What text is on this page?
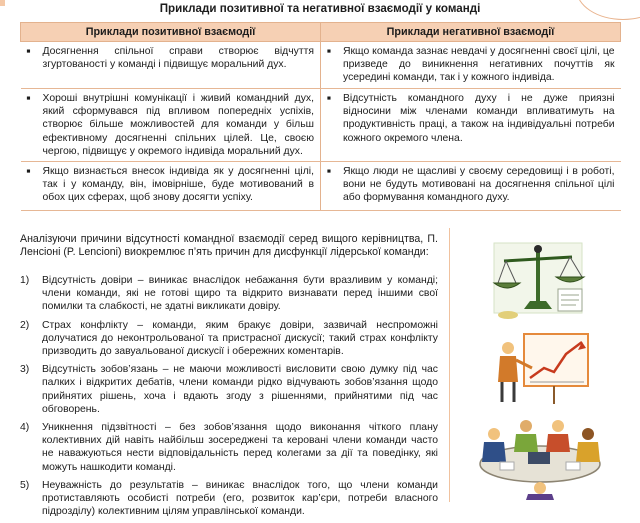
Приклади позитивної та негативної взаємодії у команді
Приклади позитивної взаємодії	Приклади негативної взаємодії

■ Досягнення спільної справи створює відчуття згуртованості у команді і підвищує моральний дух.	■ Якщо команда зазнає невдачі у досягненні своєї цілі, це призведе до виникнення негативних почуттів як усередині команди, так і у кожного індивіда.

■ Хороші внутрішні комунікації і живий командний дух, який сформувався під впливом попередніх успіхів, створює більше можливостей для команди у більш ефективному досягненні спільних цілей. Це, своєю чергою, підвищує у окремого індивіда моральний дух.	■ Відсутність командного духу і не дуже приязні відносини між членами команди впливатимуть на продуктивність праці, а також на індивідуальні потреби кожного окремого члена.

■ Якщо визнається внесок індивіда як у досягненні цілі, так і у команду, він, імовірніше, буде мотивований в обох цих сферах, щоб знову досягти успіху.	■ Якщо люди не щасливі у своєму середовищі і в роботі, вони не будуть мотивовані на досягнення спільної цілі або формування командного духу.

Аналізуючи причини відсутності командної взаємодії серед вищого керівництва, П. Ленсіоні (P. Lencioni) виокремлює п’ять причин для дисфункції лідерської команди:

1)	Відсутність довіри – виникає внаслідок небажання бути вразливим у команді; члени команди, які не готові щиро та відкрито визнавати перед іншими свої помилки та слабкості, не здатні викликати довіру.
2)	Страх конфлікту – команди, яким бракує довіри, зазвичай неспроможні долучатися до неконтрольованої та пристрасної дискусії; такий страх конфлікту призводить до завуальованої дискусії і обережних коментарів.
3)	Відсутність зобов’язань – не маючи можливості висловити свою думку під час палких і відкритих дебатів, члени команди рідко відчувають зобов’язання щодо прийнятих рішень, хоча і вдають згоду з рішеннями, прийнятими під час обговорень.
4)	Уникнення підзвітності – без зобов’язання щодо виконання чіткого плану колективних дій навіть найбільш зосереджені та керовані члени команди часто не наважуються нести відповідальність перед колегами за дії та поведінку, які можуть нашкодити команді.
5)	Неуважність до результатів – виникає внаслідок того, що члени команди протиставляють особисті потреби (его, розвиток кар’єри, потреби власного підрозділу) колективним цілям управлінської команди.
